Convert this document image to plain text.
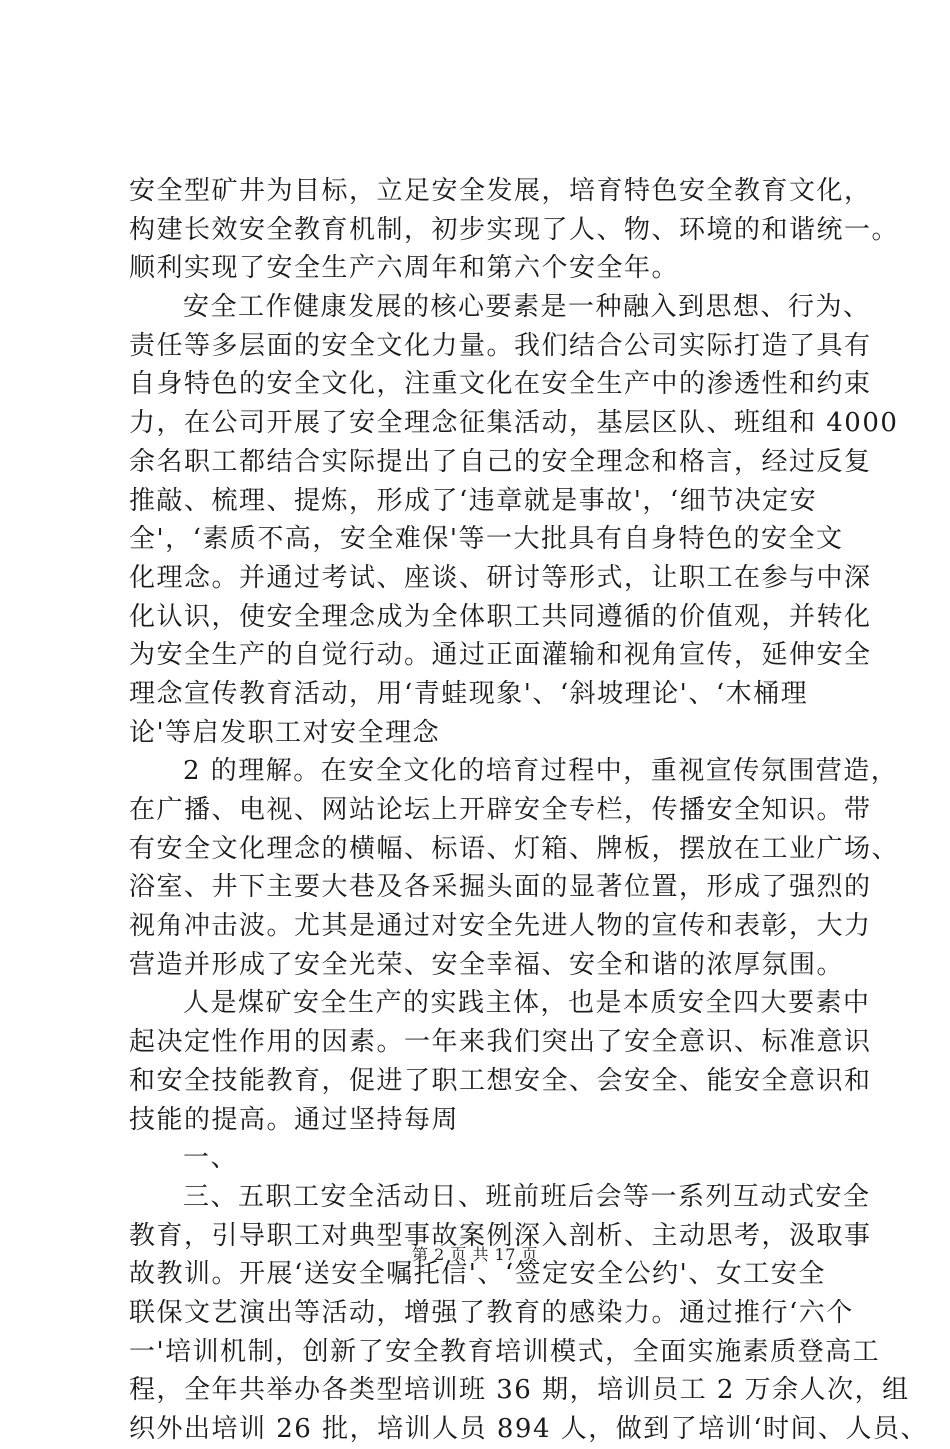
安全型矿井为目标，立足安全发展，培育特色安全教育文化，
构建长效安全教育机制，初步实现了人、物、环境的和谐统一。
顺利实现了安全生产六周年和第六个安全年。
安全工作健康发展的核心要素是一种融入到思想、行为、
责任等多层面的安全文化力量。我们结合公司实际打造了具有
自身特色的安全文化，注重文化在安全生产中的渗透性和约束
力，在公司开展了安全理念征集活动，基层区队、班组和 4000
余名职工都结合实际提出了自己的安全理念和格言，经过反复
推敲、梳理、提炼，形成了‘违章就是事故'，‘细节决定安
全'，‘素质不高，安全难保'等一大批具有自身特色的安全文
化理念。并通过考试、座谈、研讨等形式，让职工在参与中深
化认识，使安全理念成为全体职工共同遵循的价值观，并转化
为安全生产的自觉行动。通过正面灌输和视角宣传，延伸安全
理念宣传教育活动，用‘青蛙现象'、‘斜坡理论'、‘木桶理
论'等启发职工对安全理念
2 的理解。在安全文化的培育过程中，重视宣传氛围营造，
在广播、电视、网站论坛上开辟安全专栏，传播安全知识。带
有安全文化理念的横幅、标语、灯箱、牌板，摆放在工业广场、
浴室、井下主要大巷及各采掘头面的显著位置，形成了强烈的
视角冲击波。尤其是通过对安全先进人物的宣传和表彰，大力
营造并形成了安全光荣、安全幸福、安全和谐的浓厚氛围。
人是煤矿安全生产的实践主体，也是本质安全四大要素中
起决定性作用的因素。一年来我们突出了安全意识、标准意识
和安全技能教育，促进了职工想安全、会安全、能安全意识和
技能的提高。通过坚持每周
一、
三、五职工安全活动日、班前班后会等一系列互动式安全
教育，引导职工对典型事故案例深入剖析、主动思考，汲取事
故教训。开展‘送安全嘱托信'、‘签定安全公约'、女工安全
联保文艺演出等活动，增强了教育的感染力。通过推行‘六个
一'培训机制，创新了安全教育培训模式，全面实施素质登高工
程，全年共举办各类型培训班 36 期，培训员工 2 万余人次，组
织外出培训 26 批，培训人员 894 人，做到了培训‘时间、人员、
第 2 页 共 17 页
